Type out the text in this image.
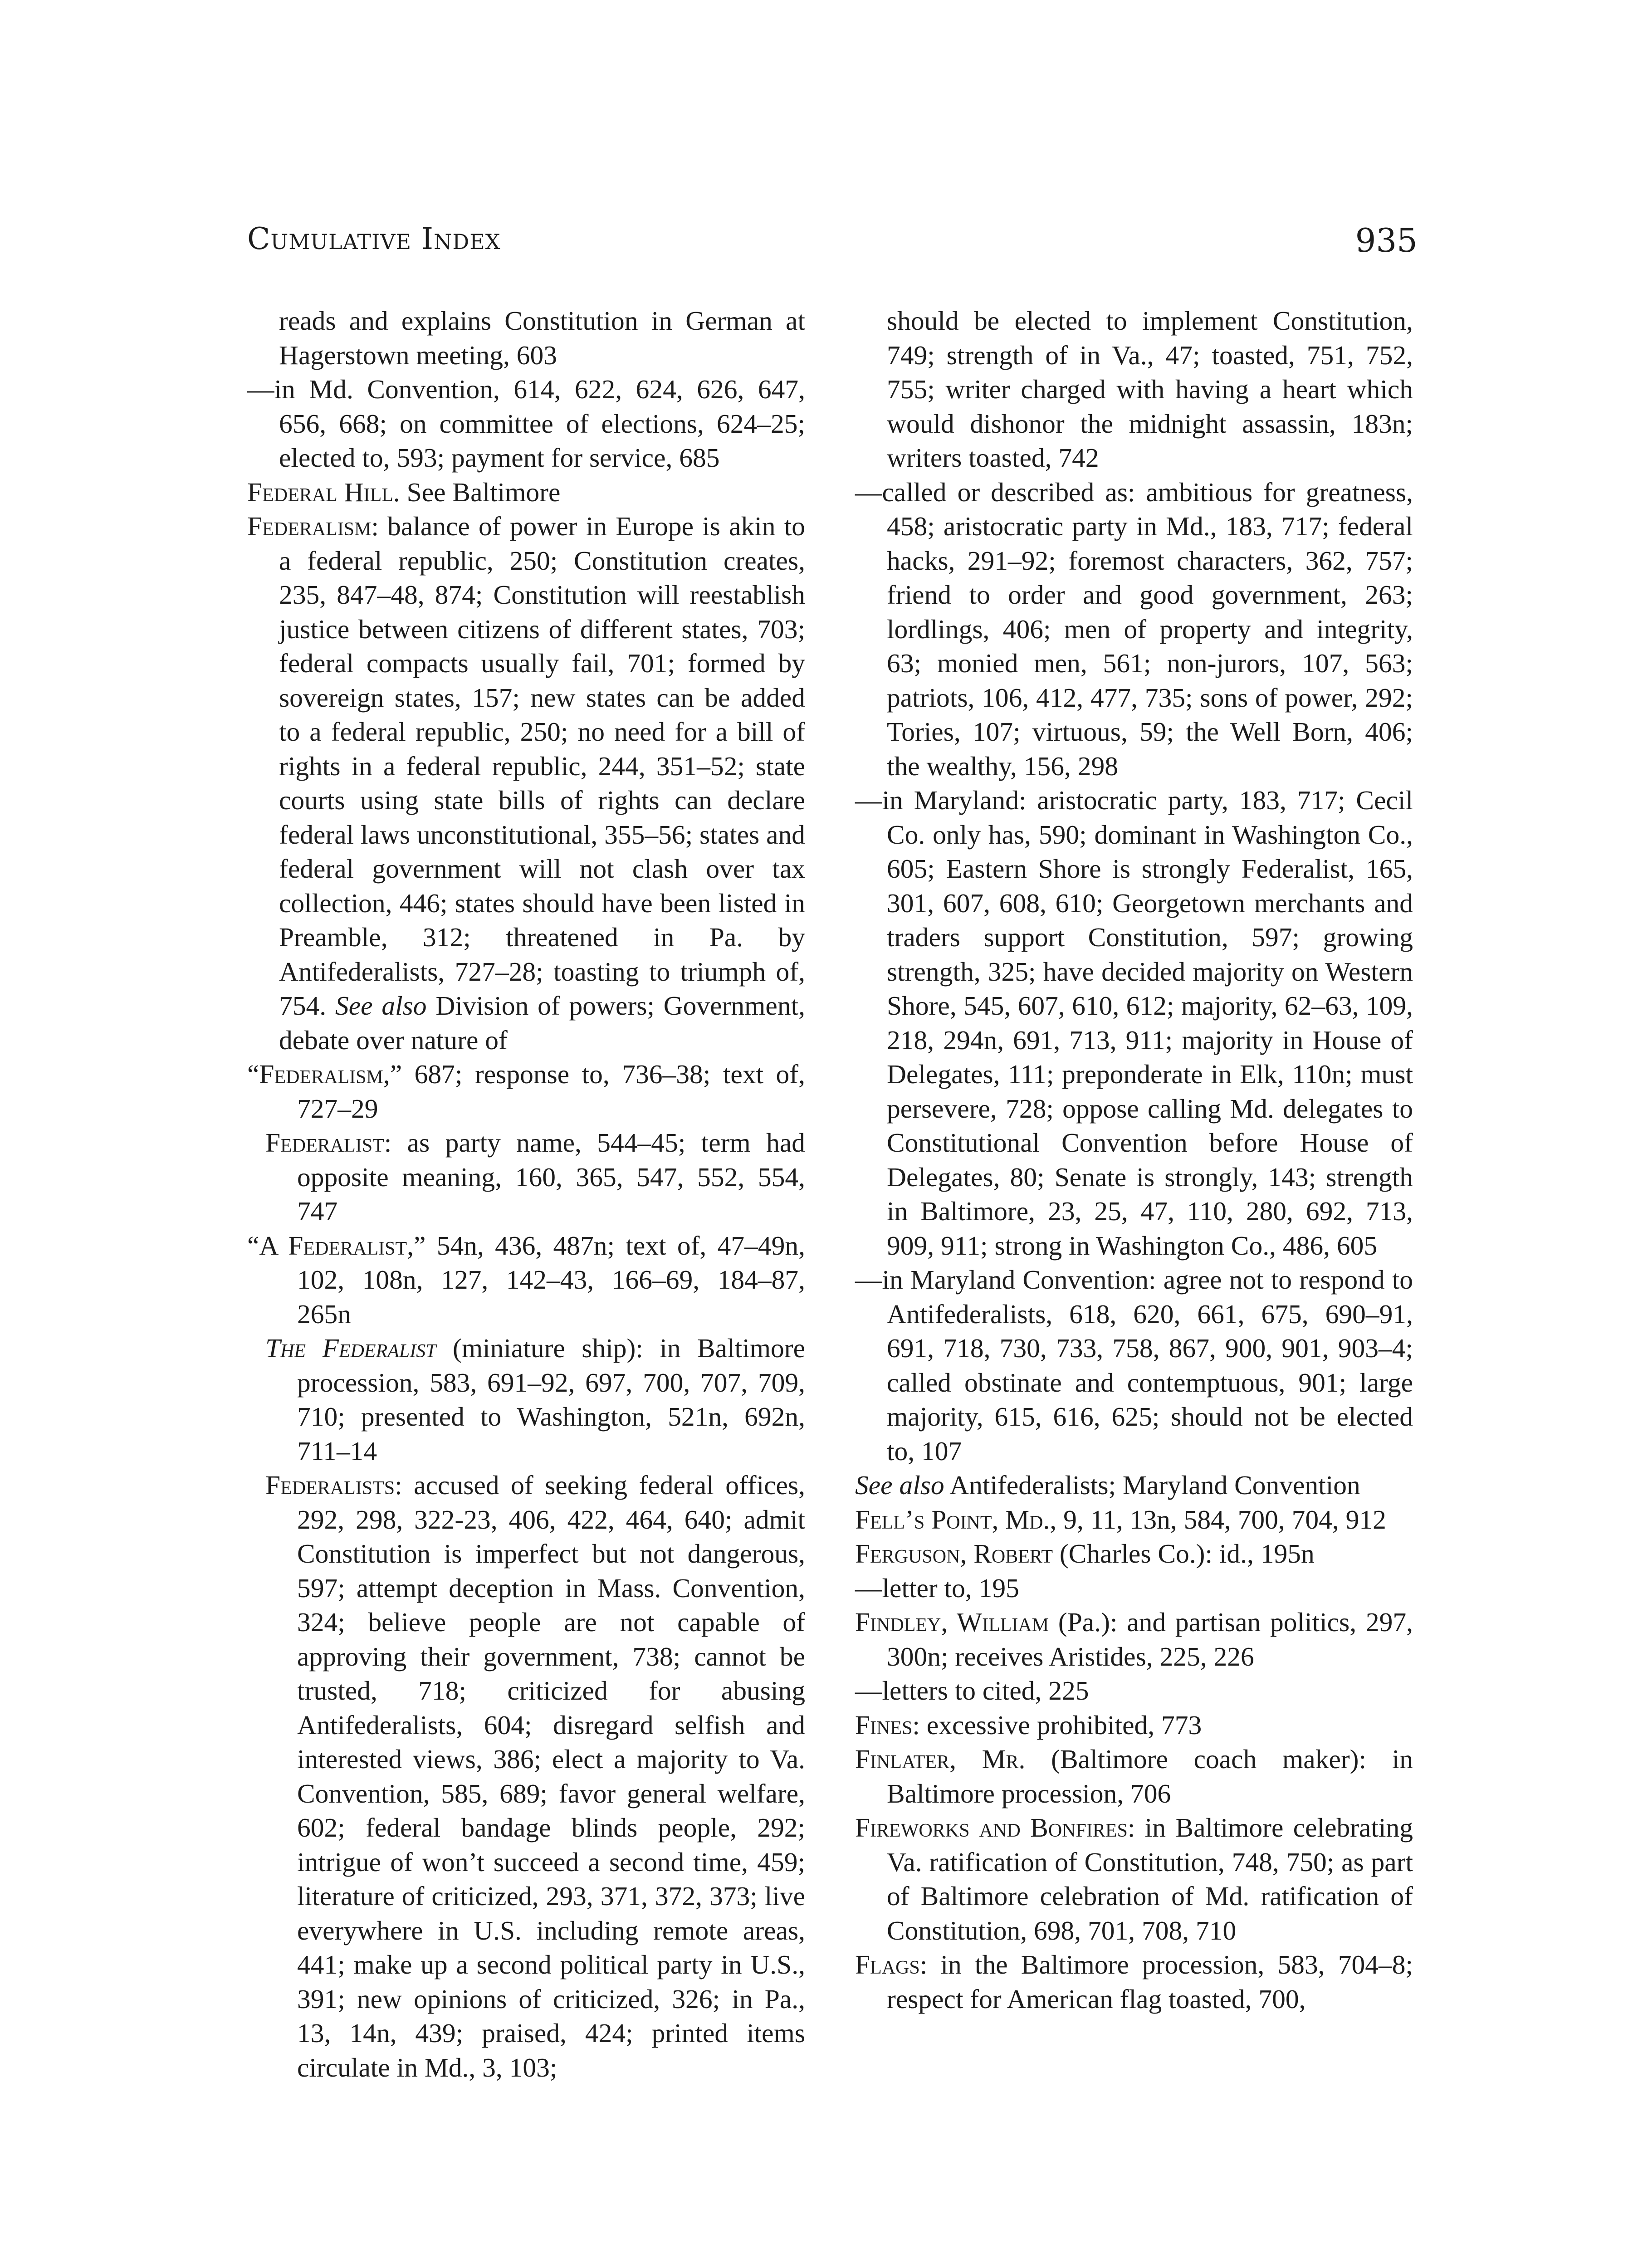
Cumulative Index	935

reads and explains Constitution in German at Hagerstown meeting, 603

—in Md. Convention, 614, 622, 624, 626, 647, 656, 668; on committee of elections, 624–25; elected to, 593; payment for service, 685

Federal Hill. See Baltimore

Federalism: balance of power in Europe is akin to a federal republic, 250; Constitution creates, 235, 847–48, 874; Constitution will reestablish justice between citizens of different states, 703; federal compacts usually fail, 701; formed by sovereign states, 157; new states can be added to a federal republic, 250; no need for a bill of rights in a federal republic, 244, 351–52; state courts using state bills of rights can declare federal laws unconstitutional, 355–56; states and federal government will not clash over tax collection, 446; states should have been listed in Preamble, 312; threatened in Pa. by Antifederalists, 727–28; toasting to triumph of, 754. See also Division of powers; Government, debate over nature of

“Federalism,” 687; response to, 736–38; text of, 727–29

Federalist: as party name, 544–45; term had opposite meaning, 160, 365, 547, 552, 554, 747

“A Federalist,” 54n, 436, 487n; text of, 47–49n, 102, 108n, 127, 142–43, 166–69, 184–87, 265n

The Federalist (miniature ship): in Baltimore procession, 583, 691–92, 697, 700, 707, 709, 710; presented to Washington, 521n, 692n, 711–14

Federalists: accused of seeking federal offices, 292, 298, 322-23, 406, 422, 464, 640; admit Constitution is imperfect but not dangerous, 597; attempt deception in Mass. Convention, 324; believe people are not capable of approving their government, 738; cannot be trusted, 718; criticized for abusing Antifederalists, 604; disregard selfish and interested views, 386; elect a majority to Va. Convention, 585, 689; favor general welfare, 602; federal bandage blinds people, 292; intrigue of won’t succeed a second time, 459; literature of criticized, 293, 371, 372, 373; live everywhere in U.S. including remote areas, 441; make up a second political party in U.S., 391; new opinions of criticized, 326; in Pa., 13, 14n, 439; praised, 424; printed items circulate in Md., 3, 103;

should be elected to implement Constitution, 749; strength of in Va., 47; toasted, 751, 752, 755; writer charged with having a heart which would dishonor the midnight assassin, 183n; writers toasted, 742

—called or described as: ambitious for greatness, 458; aristocratic party in Md., 183, 717; federal hacks, 291–92; foremost characters, 362, 757; friend to order and good government, 263; lordlings, 406; men of property and integrity, 63; monied men, 561; non-jurors, 107, 563; patriots, 106, 412, 477, 735; sons of power, 292; Tories, 107; virtuous, 59; the Well Born, 406; the wealthy, 156, 298

—in Maryland: aristocratic party, 183, 717; Cecil Co. only has, 590; dominant in Washington Co., 605; Eastern Shore is strongly Federalist, 165, 301, 607, 608, 610; Georgetown merchants and traders support Constitution, 597; growing strength, 325; have decided majority on Western Shore, 545, 607, 610, 612; majority, 62–63, 109, 218, 294n, 691, 713, 911; majority in House of Delegates, 111; preponderate in Elk, 110n; must persevere, 728; oppose calling Md. delegates to Constitutional Convention before House of Delegates, 80; Senate is strongly, 143; strength in Baltimore, 23, 25, 47, 110, 280, 692, 713, 909, 911; strong in Washington Co., 486, 605

—in Maryland Convention: agree not to respond to Antifederalists, 618, 620, 661, 675, 690–91, 691, 718, 730, 733, 758, 867, 900, 901, 903–4; called obstinate and contemptuous, 901; large majority, 615, 616, 625; should not be elected to, 107

See also Antifederalists; Maryland Convention

Fell’s Point, Md., 9, 11, 13n, 584, 700, 704, 912

Ferguson, Robert (Charles Co.): id., 195n

—letter to, 195

Findley, William (Pa.): and partisan politics, 297, 300n; receives Aristides, 225, 226

—letters to cited, 225

Fines: excessive prohibited, 773

Finlater, Mr. (Baltimore coach maker): in Baltimore procession, 706

Fireworks and Bonfires: in Baltimore celebrating Va. ratification of Constitution, 748, 750; as part of Baltimore celebration of Md. ratification of Constitution, 698, 701, 708, 710

Flags: in the Baltimore procession, 583, 704–8; respect for American flag toasted, 700,
